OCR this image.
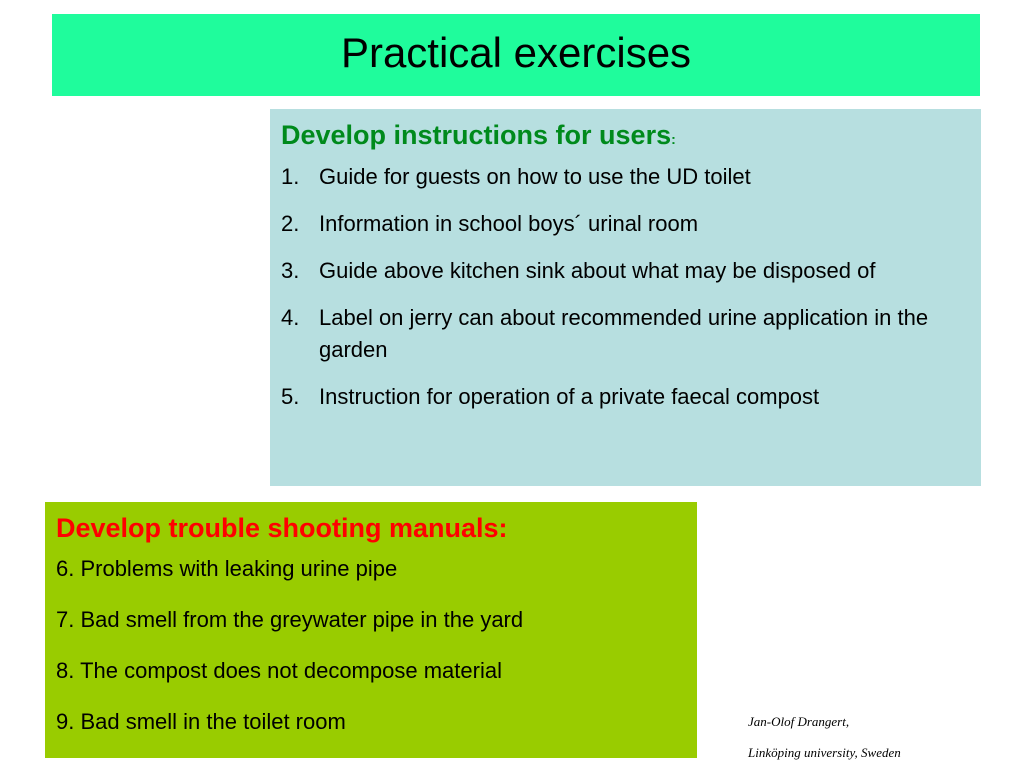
Practical exercises
Develop instructions for users:
1. Guide for guests on how to use the UD toilet
2. Information in school boys´ urinal room
3. Guide above kitchen sink about what may be disposed of
4. Label on jerry can about recommended urine application in the garden
5. Instruction for operation of a private faecal compost
Develop trouble shooting manuals:
6. Problems with leaking urine pipe
7. Bad smell from the greywater pipe in the yard
8. The compost does not decompose material
9. Bad smell in the toilet room	Jan-Olof Drangert,
Linköping university, Sweden
